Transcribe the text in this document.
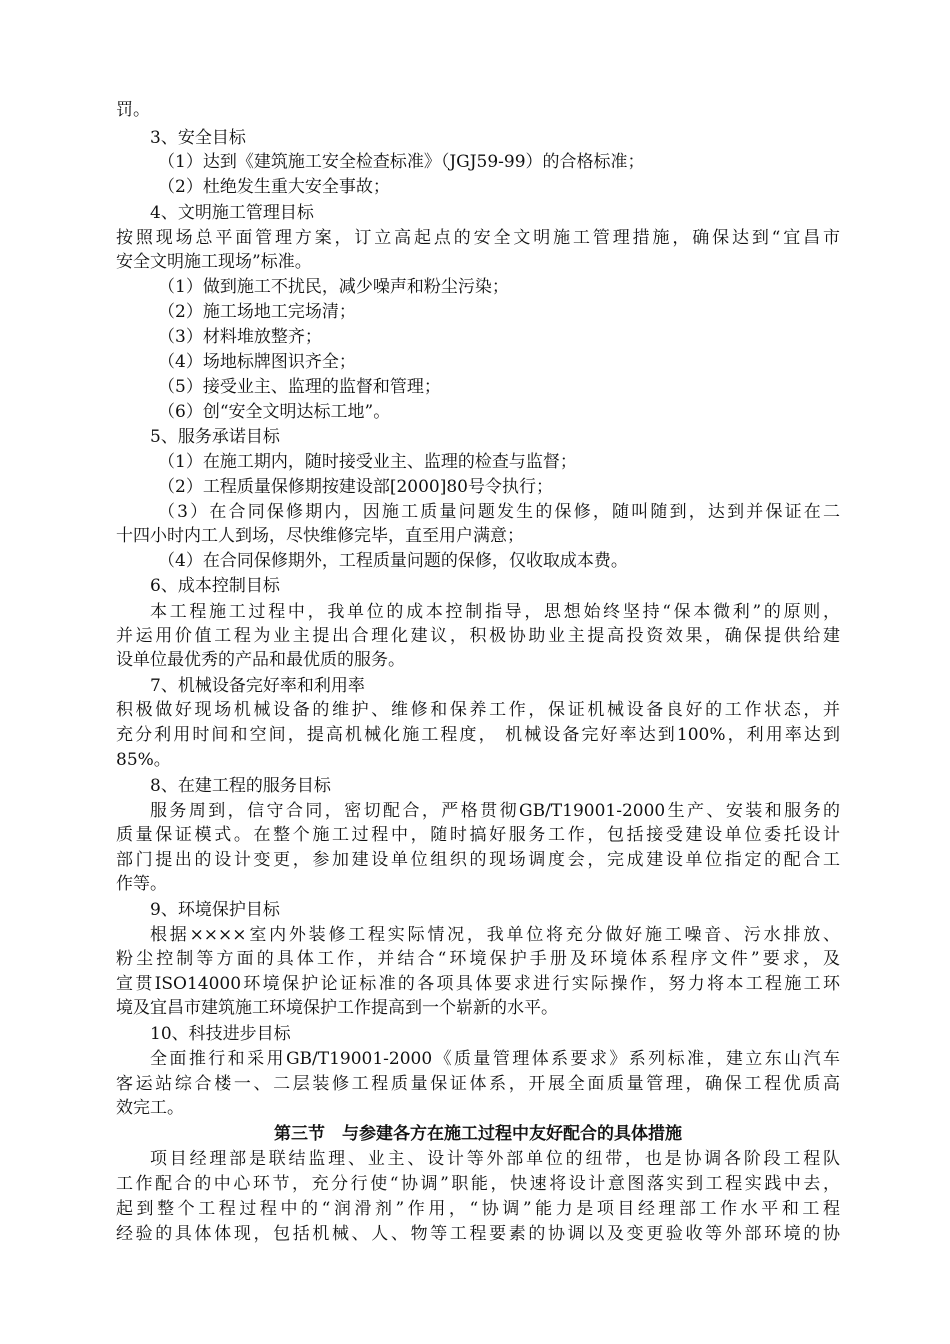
罚。
3、安全目标
（1）达到《建筑施工安全检查标准》（JGJ59-99）的合格标准；
（2）杜绝发生重大安全事故；
4、文明施工管理目标
按照现场总平面管理方案，订立高起点的安全文明施工管理措施，确保达到“宜昌市
安全文明施工现场”标准。
（1）做到施工不扰民，减少噪声和粉尘污染；
（2）施工场地工完场清；
（3）材料堆放整齐；
（4）场地标牌图识齐全；
（5）接受业主、监理的监督和管理；
（6）创“安全文明达标工地”。
5、服务承诺目标
（1）在施工期内，随时接受业主、监理的检查与监督；
（2）工程质量保修期按建设部[2000]80号令执行；
（3）在合同保修期内，因施工质量问题发生的保修，随叫随到，达到并保证在二
十四小时内工人到场，尽快维修完毕，直至用户满意；
（4）在合同保修期外，工程质量问题的保修，仅收取成本费。
6、成本控制目标
本工程施工过程中，我单位的成本控制指导，思想始终坚持“保本微利”的原则，
并运用价值工程为业主提出合理化建议，积极协助业主提高投资效果，确保提供给建
设单位最优秀的产品和最优质的服务。
7、机械设备完好率和利用率
积极做好现场机械设备的维护、维修和保养工作，保证机械设备良好的工作状态，并
充分利用时间和空间，提高机械化施工程度， 机械设备完好率达到100%，利用率达到
85%。
8、在建工程的服务目标
服务周到，信守合同，密切配合，严格贯彻GB/T19001-2000生产、安装和服务的
质量保证模式。在整个施工过程中，随时搞好服务工作，包括接受建设单位委托设计
部门提出的设计变更，参加建设单位组织的现场调度会，完成建设单位指定的配合工
作等。
9、环境保护目标
根据××××室内外装修工程实际情况，我单位将充分做好施工噪音、污水排放、
粉尘控制等方面的具体工作，并结合“环境保护手册及环境体系程序文件”要求，及
宣贯ISO14000环境保护论证标准的各项具体要求进行实际操作，努力将本工程施工环
境及宜昌市建筑施工环境保护工作提高到一个崭新的水平。
10、科技进步目标
全面推行和采用GB/T19001-2000《质量管理体系要求》系列标准，建立东山汽车
客运站综合楼一、二层装修工程质量保证体系，开展全面质量管理，确保工程优质高
效完工。
第三节　与参建各方在施工过程中友好配合的具体措施
项目经理部是联结监理、业主、设计等外部单位的纽带，也是协调各阶段工程队
工作配合的中心环节，充分行使“协调”职能，快速将设计意图落实到工程实践中去，
起到整个工程过程中的“润滑剂”作用，“协调”能力是项目经理部工作水平和工程
经验的具体体现，包括机械、人、物等工程要素的协调以及变更验收等外部环境的协
